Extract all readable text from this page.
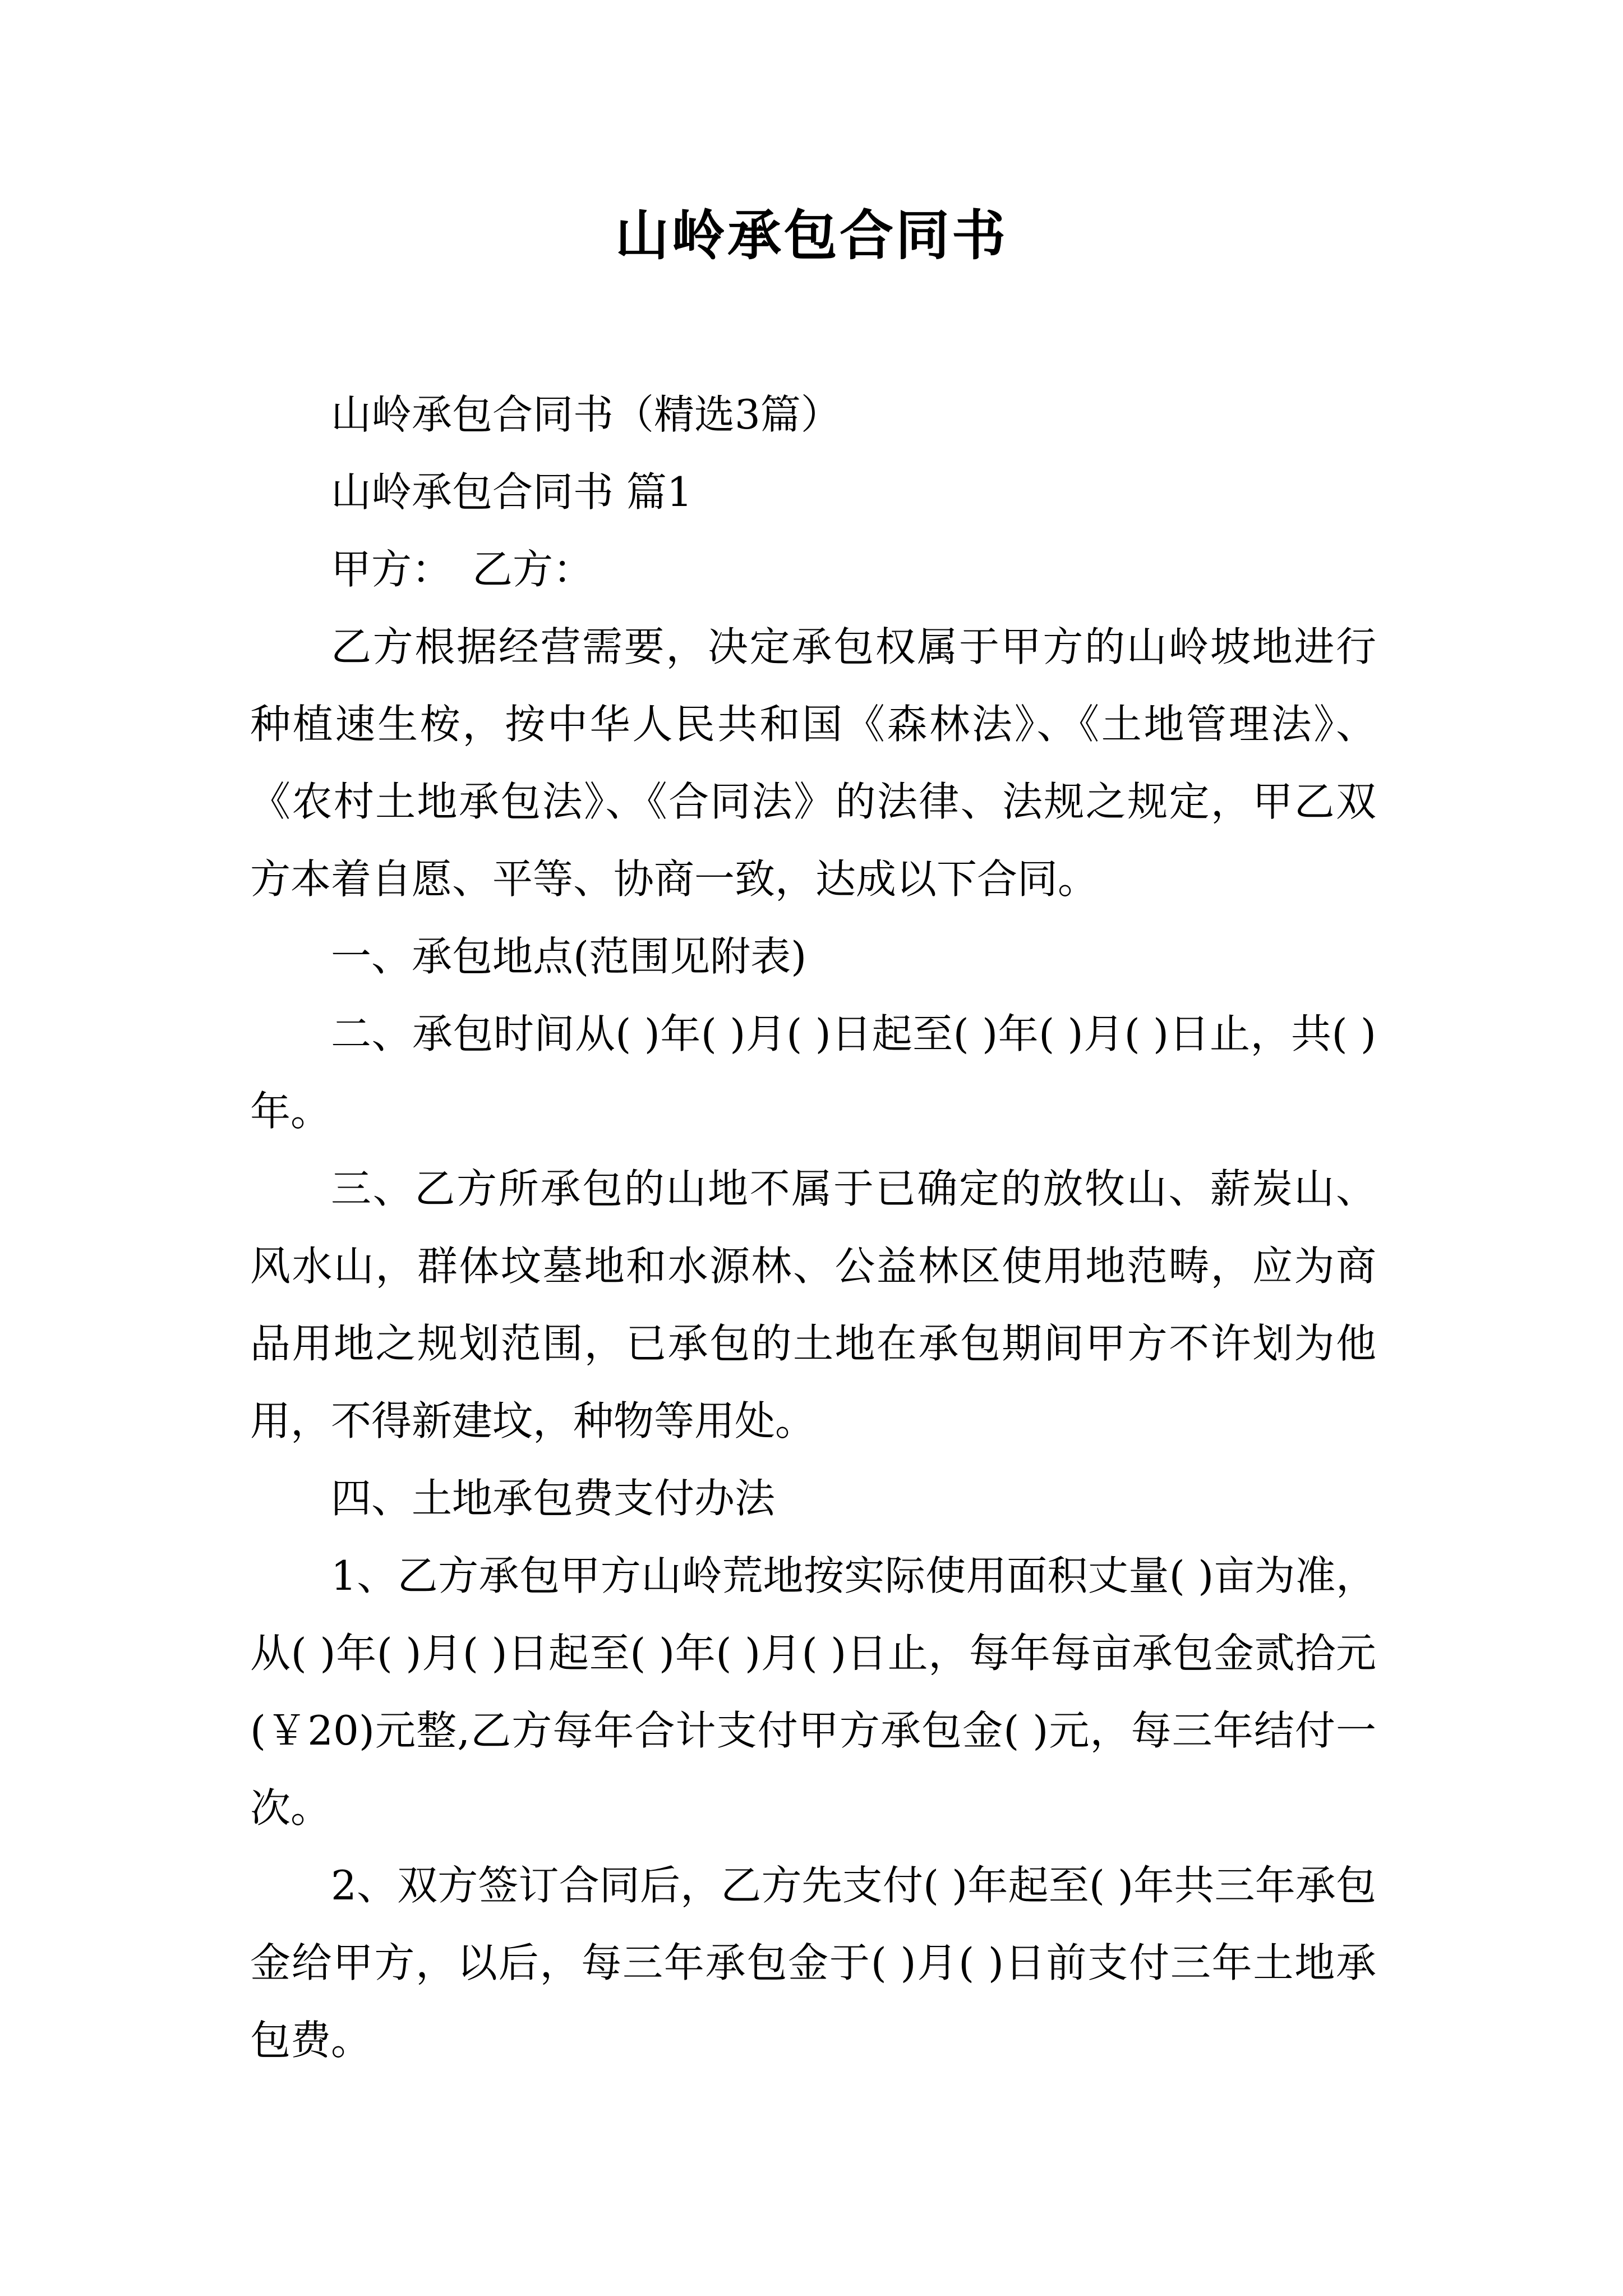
山岭承包合同书

山岭承包合同书（精选3篇）

山岭承包合同书 篇1

甲方：　乙方：

乙方根据经营需要，决定承包权属于甲方的山岭坡地进行种植速生桉，按中华人民共和国《森林法》、《土地管理法》、《农村土地承包法》、《合同法》的法律、法规之规定，甲乙双方本着自愿、平等、协商一致，达成以下合同。

一、承包地点(范围见附表)

二、承包时间从( )年( )月( )日起至( )年( )月( )日止，共( )年。

三、乙方所承包的山地不属于已确定的放牧山、薪炭山、风水山，群体坟墓地和水源林、公益林区使用地范畴，应为商品用地之规划范围，已承包的土地在承包期间甲方不许划为他用，不得新建坟，种物等用处。

四、土地承包费支付办法

1、乙方承包甲方山岭荒地按实际使用面积丈量( )亩为准，从( )年( )月( )日起至( )年( )月( )日止，每年每亩承包金贰拾元(￥20)元整,乙方每年合计支付甲方承包金( )元，每三年结付一次。

2、双方签订合同后，乙方先支付( )年起至( )年共三年承包金给甲方，以后，每三年承包金于( )月( )日前支付三年土地承包费。
